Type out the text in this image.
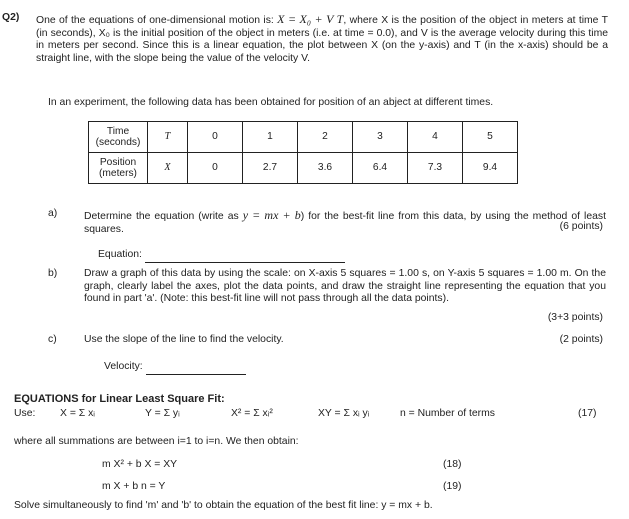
Q2) One of the equations of one-dimensional motion is: X = X₀ + V T, where X is the position of the object in meters at time T (in seconds), X₀ is the initial position of the object in meters (i.e. at time = 0.0), and V is the average velocity during this time in meters per second. Since this is a linear equation, the plot between X (on the y-axis) and T (in the x-axis) should be a straight line, with the slope being the value of the velocity V.
In an experiment, the following data has been obtained for position of an abject at different times.
Time
(seconds)	T	0	1	2	3	4	5
Position
(meters)	X	0	2.7	3.6	6.4	7.3	9.4
a)	Determine the equation (write as y = mx + b) for the best-fit line from this data, by using the method of least squares.	(6 points)
Equation:
b)	Draw a graph of this data by using the scale: on X-axis 5 squares = 1.00 s, on Y-axis 5 squares = 1.00 m. On the graph, clearly label the axes, plot the data points, and draw the straight line representing the equation that you found in part 'a'. (Note: this best-fit line will not pass through all the data points).
(3+3 points)
c)	Use the slope of the line to find the velocity.	(2 points)
Velocity:
EQUATIONS for Linear Least Square Fit:
Use: X = Σ xᵢ	Y = Σ yᵢ	X² = Σ xᵢ²	XY = Σ xᵢ yᵢ	n = Number of terms	(17)
where all summations are between i=1 to i=n. We then obtain:
m X² + b X = XY	(18)
m X + b n = Y	(19)
Solve simultaneously to find 'm' and 'b' to obtain the equation of the best fit line: y = mx + b.
